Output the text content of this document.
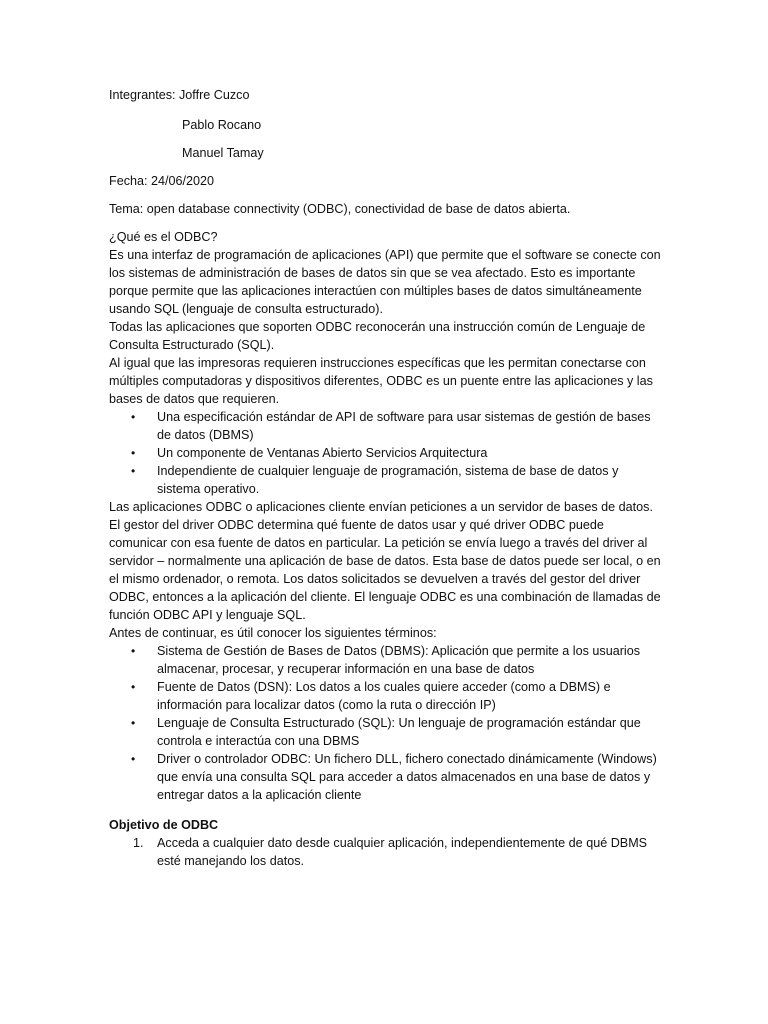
Integrantes: Joffre Cuzco

Pablo Rocano

Manuel Tamay

Fecha: 24/06/2020

Tema: open database connectivity (ODBC), conectividad de base de datos abierta.

¿Qué es el ODBC?

Es una interfaz de programación de aplicaciones (API) que permite que el software se conecte con los sistemas de administración de bases de datos sin que se vea afectado. Esto es importante porque permite que las aplicaciones interactúen con múltiples bases de datos simultáneamente usando SQL (lenguaje de consulta estructurado).

Todas las aplicaciones que soporten ODBC reconocerán una instrucción común de Lenguaje de Consulta Estructurado (SQL).

Al igual que las impresoras requieren instrucciones específicas que les permitan conectarse con múltiples computadoras y dispositivos diferentes, ODBC es un puente entre las aplicaciones y las bases de datos que requieren.

• Una especificación estándar de API de software para usar sistemas de gestión de bases de datos (DBMS)
• Un componente de Ventanas Abierto Servicios Arquitectura
• Independiente de cualquier lenguaje de programación, sistema de base de datos y sistema operativo.

Las aplicaciones ODBC o aplicaciones cliente envían peticiones a un servidor de bases de datos. El gestor del driver ODBC determina qué fuente de datos usar y qué driver ODBC puede comunicar con esa fuente de datos en particular. La petición se envía luego a través del driver al servidor – normalmente una aplicación de base de datos. Esta base de datos puede ser local, o en el mismo ordenador, o remota. Los datos solicitados se devuelven a través del gestor del driver ODBC, entonces a la aplicación del cliente. El lenguaje ODBC es una combinación de llamadas de función ODBC API y lenguaje SQL.

Antes de continuar, es útil conocer los siguientes términos:

• Sistema de Gestión de Bases de Datos (DBMS): Aplicación que permite a los usuarios almacenar, procesar, y recuperar información en una base de datos
• Fuente de Datos (DSN): Los datos a los cuales quiere acceder (como a DBMS) e información para localizar datos (como la ruta o dirección IP)
• Lenguaje de Consulta Estructurado (SQL): Un lenguaje de programación estándar que controla e interactúa con una DBMS
• Driver o controlador ODBC: Un fichero DLL, fichero conectado dinámicamente (Windows) que envía una consulta SQL para acceder a datos almacenados en una base de datos y entregar datos a la aplicación cliente

Objetivo de ODBC

1. Acceda a cualquier dato desde cualquier aplicación, independientemente de qué DBMS esté manejando los datos.
